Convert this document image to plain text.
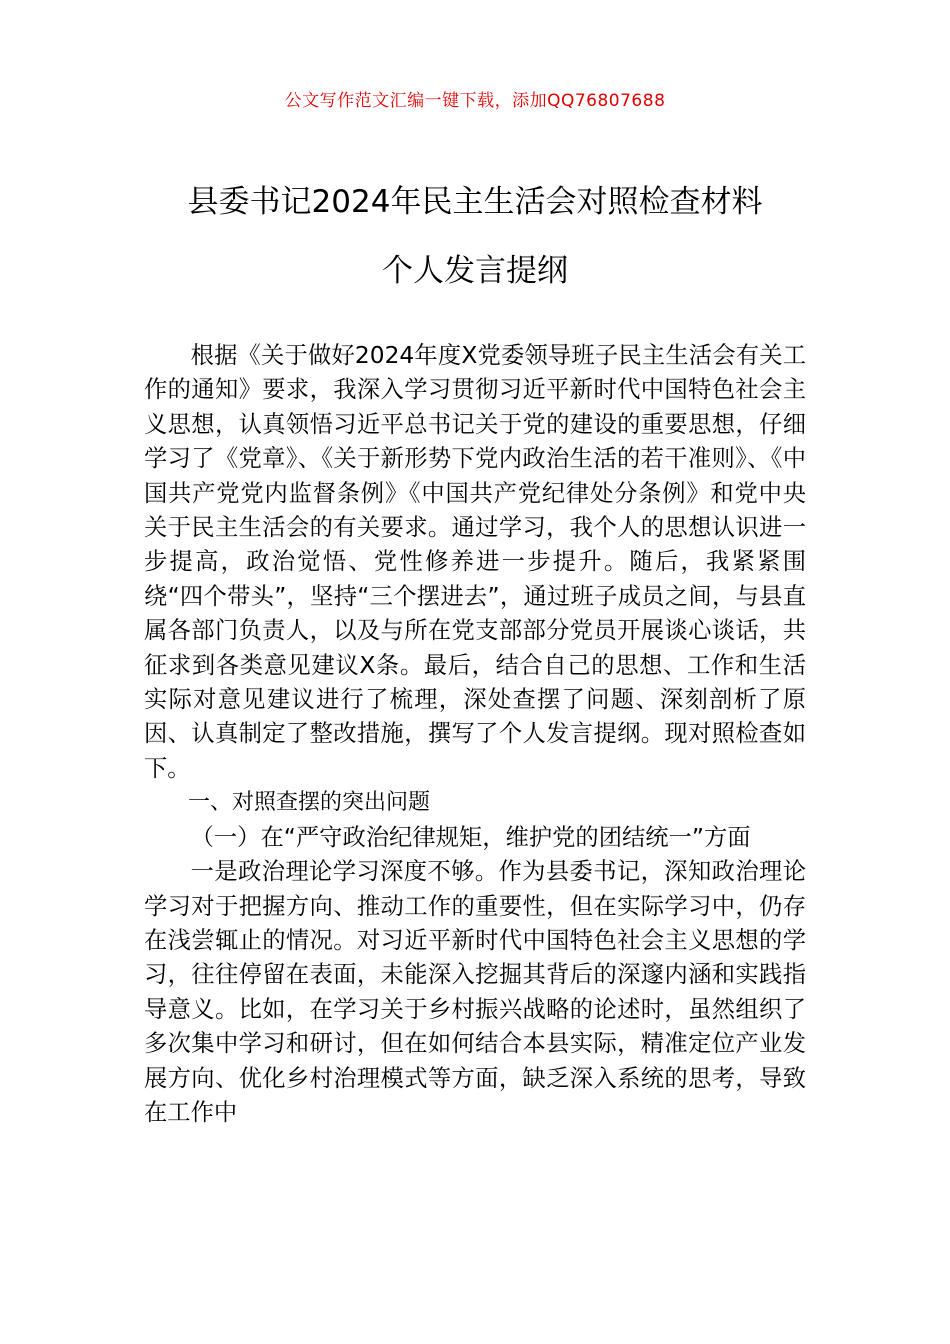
公文写作范文汇编一键下载，添加QQ76807688
县委书记2024年民主生活会对照检查材料
个人发言提纲

根据《关于做好2024年度X党委领导班子民主生活会有关工作的通知》要求，我深入学习贯彻习近平新时代中国特色社会主义思想，认真领悟习近平总书记关于党的建设的重要思想，仔细学习了《党章》、《关于新形势下党内政治生活的若干准则》、《中国共产党党内监督条例》《中国共产党纪律处分条例》和党中央关于民主生活会的有关要求。通过学习，我个人的思想认识进一步提高，政治觉悟、党性修养进一步提升。随后，我紧紧围绕“四个带头”，坚持“三个摆进去”，通过班子成员之间，与县直属各部门负责人，以及与所在党支部部分党员开展谈心谈话，共征求到各类意见建议X条。最后，结合自己的思想、工作和生活实际对意见建议进行了梳理，深处查摆了问题、深刻剖析了原因、认真制定了整改措施，撰写了个人发言提纲。现对照检查如下。

一、对照查摆的突出问题

（一）在“严守政治纪律规矩，维护党的团结统一”方面

一是政治理论学习深度不够。作为县委书记，深知政治理论学习对于把握方向、推动工作的重要性，但在实际学习中，仍存在浅尝辄止的情况。对习近平新时代中国特色社会主义思想的学习，往往停留在表面，未能深入挖掘其背后的深邃内涵和实践指导意义。比如，在学习关于乡村振兴战略的论述时，虽然组织了多次集中学习和研讨，但在如何结合本县实际，精准定位产业发展方向、优化乡村治理模式等方面，缺乏深入系统的思考，导致在工作中
